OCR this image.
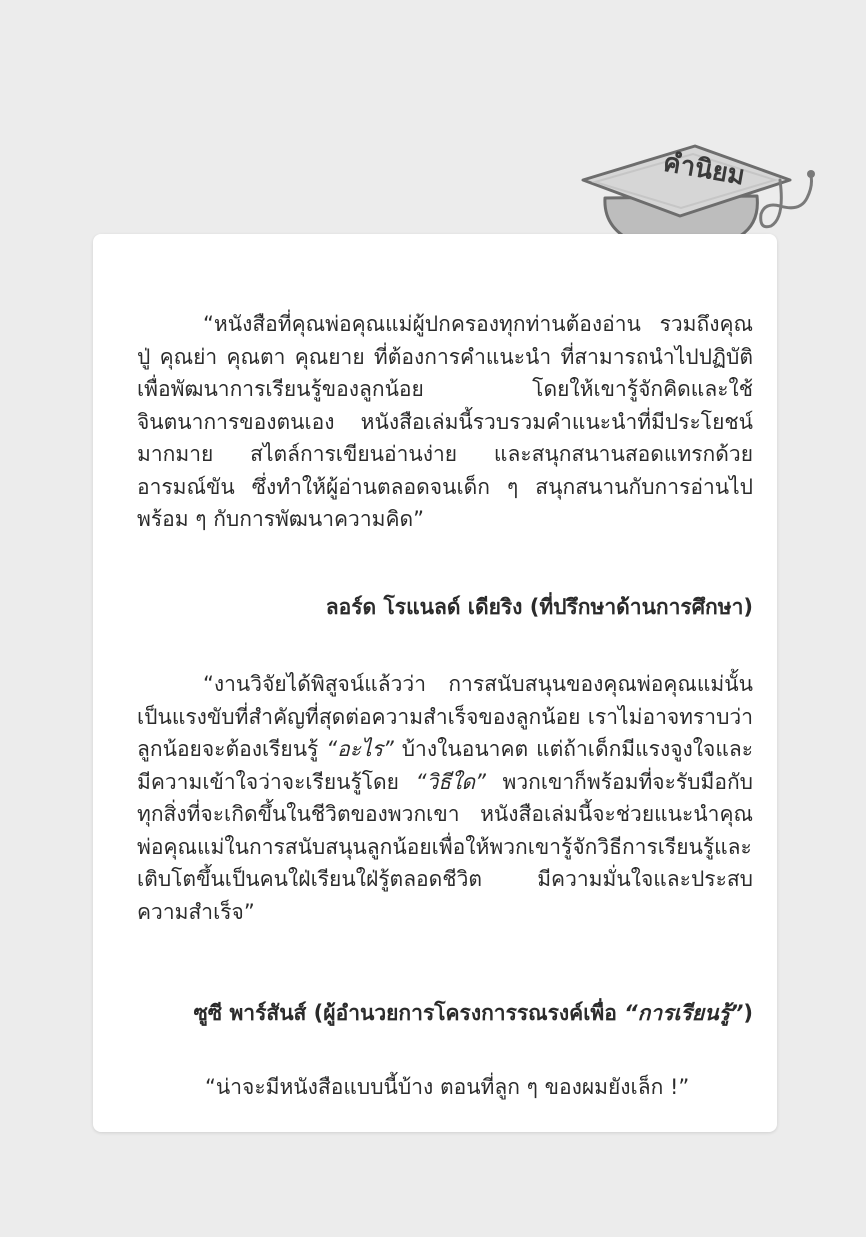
คำนิยม

“หนังสือที่คุณพ่อคุณแม่ผู้ปกครองทุกท่านต้องอ่าน รวมถึงคุณปู่ คุณย่า คุณตา คุณยาย ที่ต้องการคำแนะนำ ที่สามารถนำไปปฏิบัติเพื่อพัฒนาการเรียนรู้ของลูกน้อย โดยให้เขารู้จักคิดและใช้จินตนาการของตนเอง หนังสือเล่มนี้รวบรวมคำแนะนำที่มีประโยชน์มากมาย สไตล์การเขียนอ่านง่าย และสนุกสนานสอดแทรกด้วยอารมณ์ขัน ซึ่งทำให้ผู้อ่านตลอดจนเด็ก ๆ สนุกสนานกับการอ่านไปพร้อม ๆ กับการพัฒนาความคิด”

ลอร์ด โรแนลด์ เดียริง (ที่ปรึกษาด้านการศึกษา)

“งานวิจัยได้พิสูจน์แล้วว่า การสนับสนุนของคุณพ่อคุณแม่นั้นเป็นแรงขับที่สำคัญที่สุดต่อความสำเร็จของลูกน้อย เราไม่อาจทราบว่าลูกน้อยจะต้องเรียนรู้ “อะไร” บ้างในอนาคต แต่ถ้าเด็กมีแรงจูงใจและมีความเข้าใจว่าจะเรียนรู้โดย “วิธีใด” พวกเขาก็พร้อมที่จะรับมือกับทุกสิ่งที่จะเกิดขึ้นในชีวิตของพวกเขา หนังสือเล่มนี้จะช่วยแนะนำคุณพ่อคุณแม่ในการสนับสนุนลูกน้อยเพื่อให้พวกเขารู้จักวิธีการเรียนรู้และเติบโตขึ้นเป็นคนใฝ่เรียนใฝ่รู้ตลอดชีวิต มีความมั่นใจและประสบความสำเร็จ”

ซูซี พาร์สันส์ (ผู้อำนวยการโครงการรณรงค์เพื่อ “การเรียนรู้”)

“น่าจะมีหนังสือแบบนี้บ้าง ตอนที่ลูก ๆ ของผมยังเล็ก !”
